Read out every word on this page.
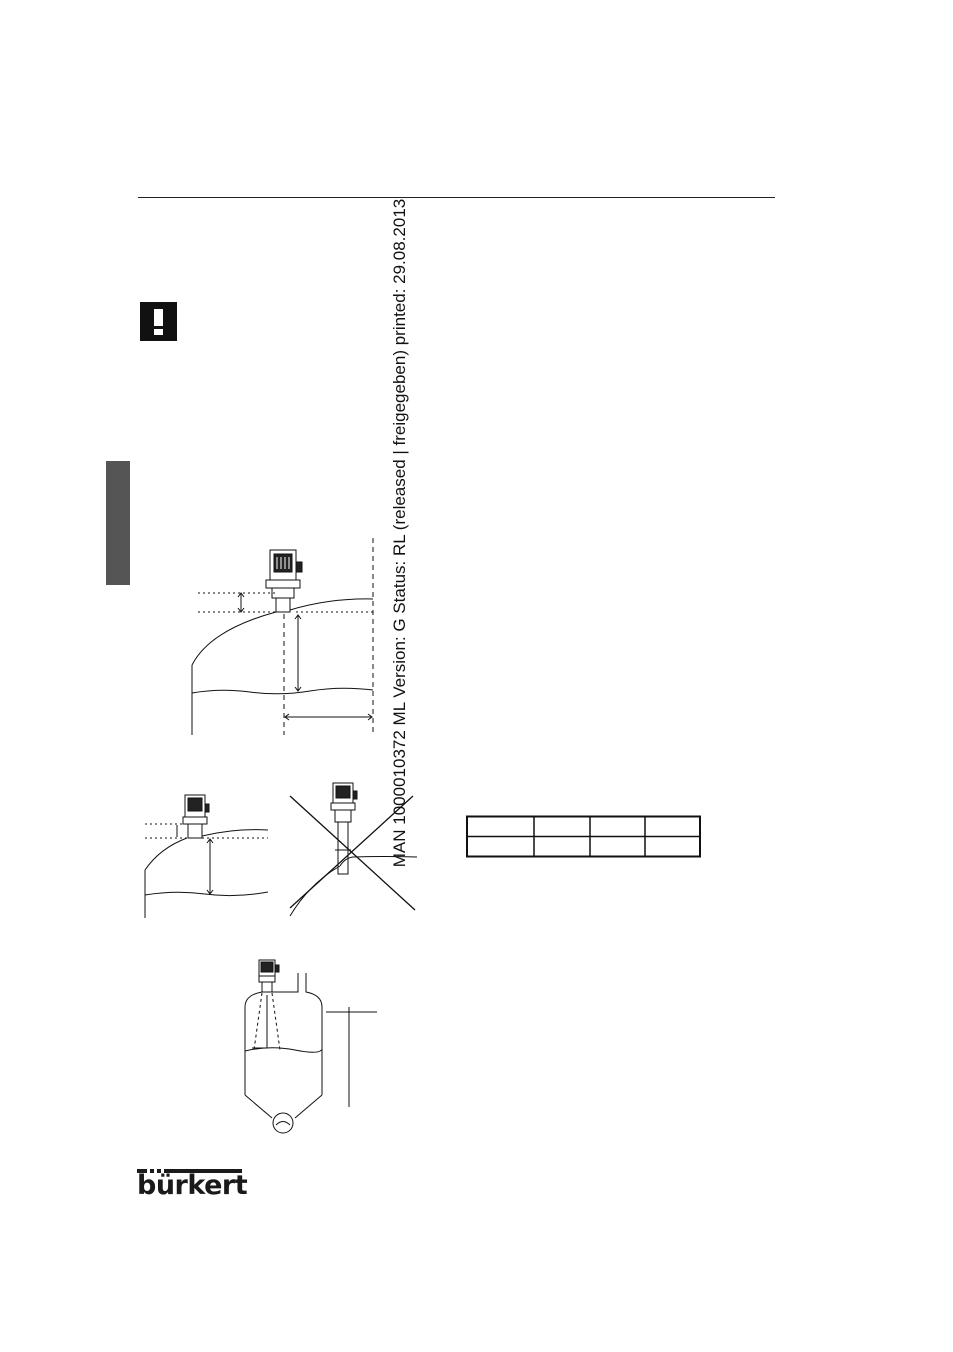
MAN 1000010372 ML Version: G Status: RL (released | freigegeben) printed: 29.08.2013
bürkert
